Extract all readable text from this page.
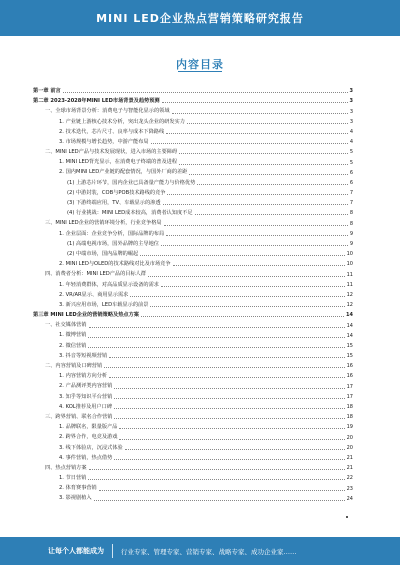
MINI LED企业热点营销策略研究报告
内容目录
第一章 前言	3
第二章 2023-2028年MINI LED市场背景及趋势预测	3
一、全球市场背景分析：消费电子与智能化显示的领域	3
1. 产业链上游核心技术分析，突出龙头企业的研发实力	3
2. 技术迭代，芯片尺寸、良率与成本下降路线	4
3. 市场规模与增长趋势，中游产能布局	4
二、MINI LED产品与技术发展现状，进入市场的主要障碍	5
1. MINI LED背光显示，在消费电子终端的普及进程	5
2. 国内MINI LED产业链的配套情况，与国外厂商的差距	6
(1) 上游芯片环节，国内企业已具备量产能力与价格优势	6
(2) 中游封装，COB与POB技术路线的竞争	7
(3) 下游终端应用，TV、车载显示的渗透	7
(4) 行业挑战：MINI LED成本较高，消费者认知度不足	8
三、MINI LED企业的营销环境分析，行业竞争格局	8
1. 企业层面：企业竞争分析，国际品牌的布局	9
(1) 高端电视市场，国外品牌的主导地位	9
(2) 中端市场，国内品牌的崛起	10
2. MINI LED与OLED的技术路线对比及市场竞争	10
四、消费者分析：MINI LED产品的目标人群	11
1. 年轻消费群体，对高品质显示设备的需求	11
2. VR/AR显示、商用显示需求	12
3. 新兴应用市场，LED车载显示的前景	12
第三章 MINI LED企业的营销策略及热点方案	14
一、社交媒体营销	14
1. 微博营销	14
2. 微信营销	15
3. 抖音等短视频营销	15
二、内容营销及口碑营销	16
1. 内容营销方向分析	16
2. 产品测评类内容营销	17
3. 知乎等知识平台营销	17
4. KOL推荐及用户口碑	18
三、跨界营销、联名合作营销	18
1. 品牌联名，限量版产品	19
2. 跨界合作，电竞及游戏	20
3. 线下体验店，沉浸式体验	20
4. 事件营销，热点借势	21
四、热点营销方案	21
1. 节日营销	22
2. 体育赛事营销	23
3. 影视剧植入	24
让每个人都能成为	行业专家、管理专家、营销专家、战略专家、成功企业家……
